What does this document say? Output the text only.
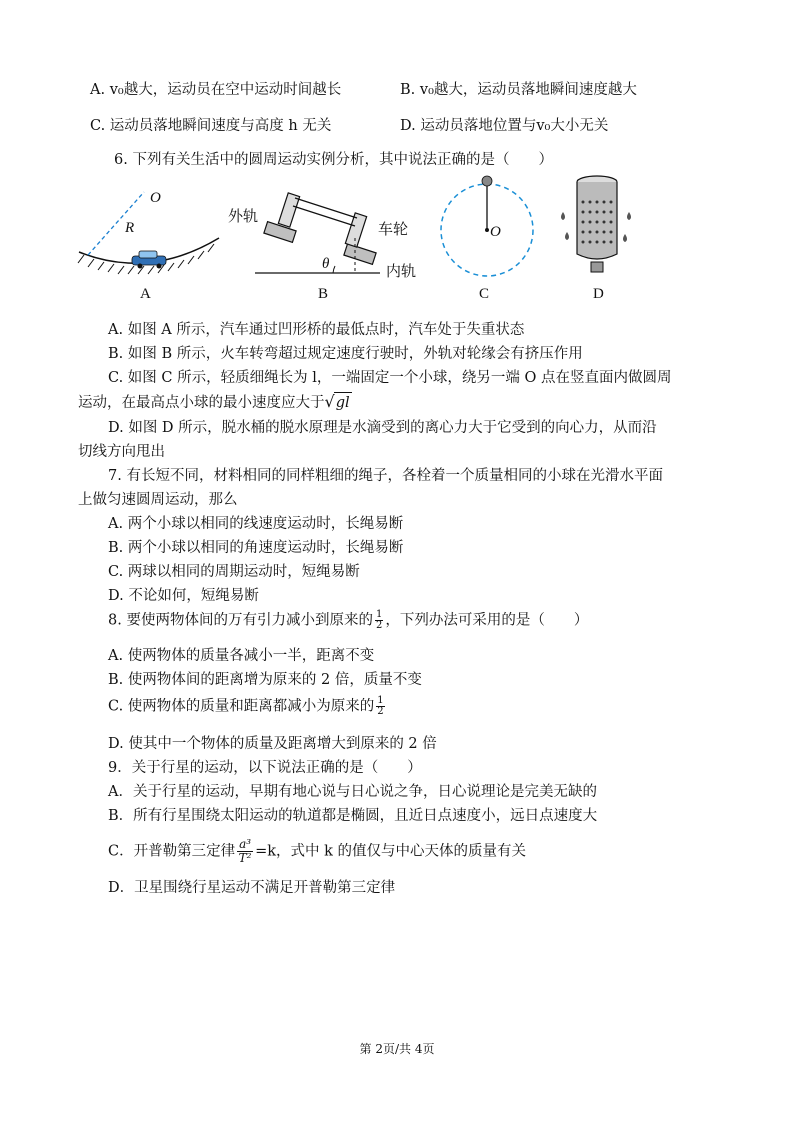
A. v₀越大，运动员在空中运动时间越长	B. v₀越大，运动员落地瞬间速度越大
C. 运动员落地瞬间速度与高度 h 无关	D. 运动员落地位置与v₀大小无关
6. 下列有关生活中的圆周运动实例分析，其中说法正确的是（　　）
O
R
A
外轨
车轮
内轨
θ
B
O
C	D
A. 如图 A 所示，汽车通过凹形桥的最低点时，汽车处于失重状态
B. 如图 B 所示，火车转弯超过规定速度行驶时，外轨对轮缘会有挤压作用
C. 如图 C 所示，轻质细绳长为 l，一端固定一个小球，绕另一端 O 点在竖直面内做圆周
运动，在最高点小球的最小速度应大于√gl
D. 如图 D 所示，脱水桶的脱水原理是水滴受到的离心力大于它受到的向心力，从而沿
切线方向甩出
7. 有长短不同，材料相同的同样粗细的绳子，各栓着一个质量相同的小球在光滑水平面
上做匀速圆周运动，那么
A. 两个小球以相同的线速度运动时，长绳易断
B. 两个小球以相同的角速度运动时，长绳易断
C. 两球以相同的周期运动时，短绳易断
D. 不论如何，短绳易断
8. 要使两物体间的万有引力减小到原来的 $\frac{1}{2}$ ，下列办法可采用的是（　　）
A. 使两物体的质量各减小一半，距离不变
B. 使两物体间的距离增为原来的 2 倍，质量不变
C. 使两物体的质量和距离都减小为原来的 $\frac{1}{2}$
D. 使其中一个物体的质量及距离增大到原来的 2 倍
9．关于行星的运动，以下说法正确的是（　　）
A．关于行星的运动，早期有地心说与日心说之争，日心说理论是完美无缺的
B．所有行星围绕太阳运动的轨道都是椭圆，且近日点速度小，远日点速度大
C．开普勒第三定律 $\frac{\text{a³}}{\text{T²}} =k$，式中 k 的值仅与中心天体的质量有关
D．卫星围绕行星运动不满足开普勒第三定律
第 2页/共 4页
